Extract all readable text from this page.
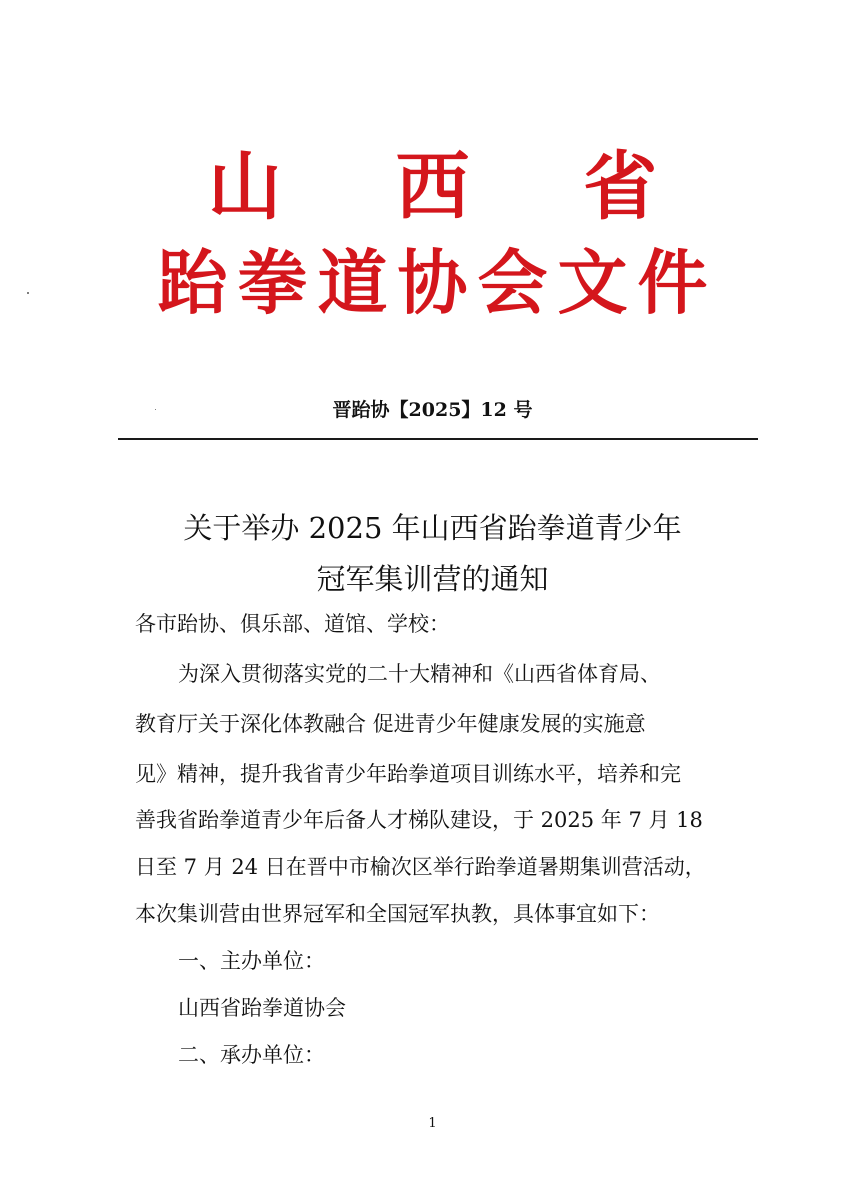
山 西 省
跆拳道协会文件
晋跆协【2025】12 号
关于举办 2025 年山西省跆拳道青少年
冠军集训营的通知
各市跆协、俱乐部、道馆、学校：
为深入贯彻落实党的二十大精神和《山西省体育局、
教育厅关于深化体教融合 促进青少年健康发展的实施意
见》精神，提升我省青少年跆拳道项目训练水平，培养和完
善我省跆拳道青少年后备人才梯队建设，于 2025 年 7 月 18
日至 7 月 24 日在晋中市榆次区举行跆拳道暑期集训营活动，
本次集训营由世界冠军和全国冠军执教，具体事宜如下：
一、主办单位：
山西省跆拳道协会
二、承办单位：
1
